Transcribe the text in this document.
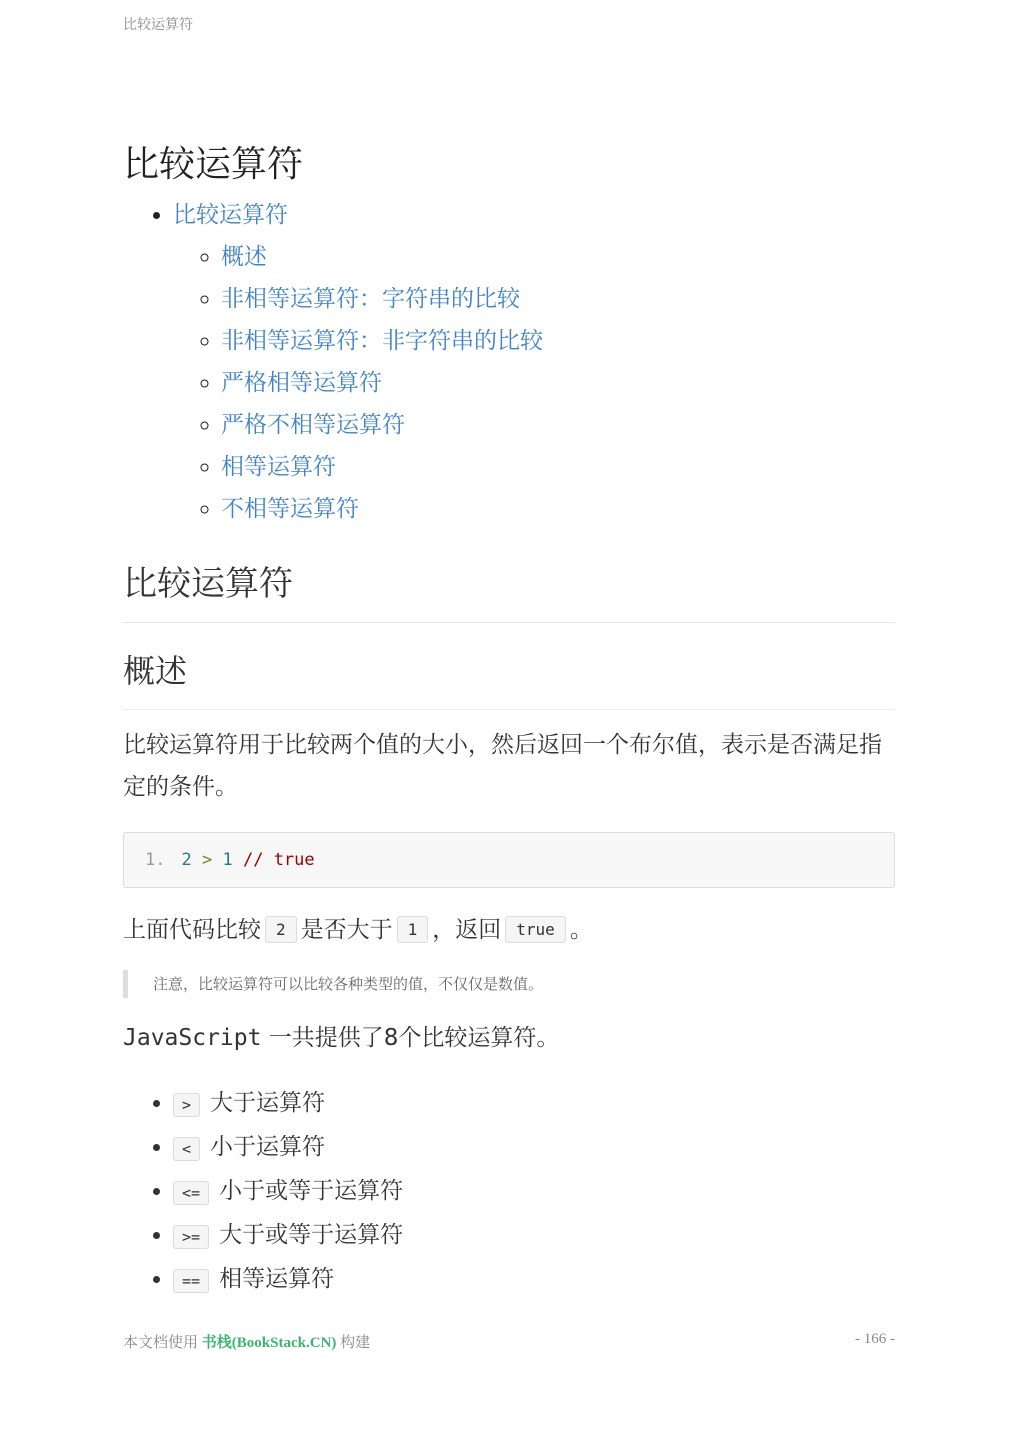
比较运算符
比较运算符
• 比较运算符
◦ 概述
◦ 非相等运算符：字符串的比较
◦ 非相等运算符：非字符串的比较
◦ 严格相等运算符
◦ 严格不相等运算符
◦ 相等运算符
◦ 不相等运算符
比较运算符
概述

比较运算符用于比较两个值的大小，然后返回一个布尔值，表示是否满足指定的条件。

1. 2
>
1
// true

上面代码比较 2 是否大于 1 ，返回 true 。

注意，比较运算符可以比较各种类型的值，不仅仅是数值。

JavaScript 一共提供了8个比较运算符。

• > 大于运算符
• < 小于运算符
• <= 小于或等于运算符
• >= 大于或等于运算符
• == 相等运算符
本文档使用 书栈(BookStack.CN) 构建	- 166 -
